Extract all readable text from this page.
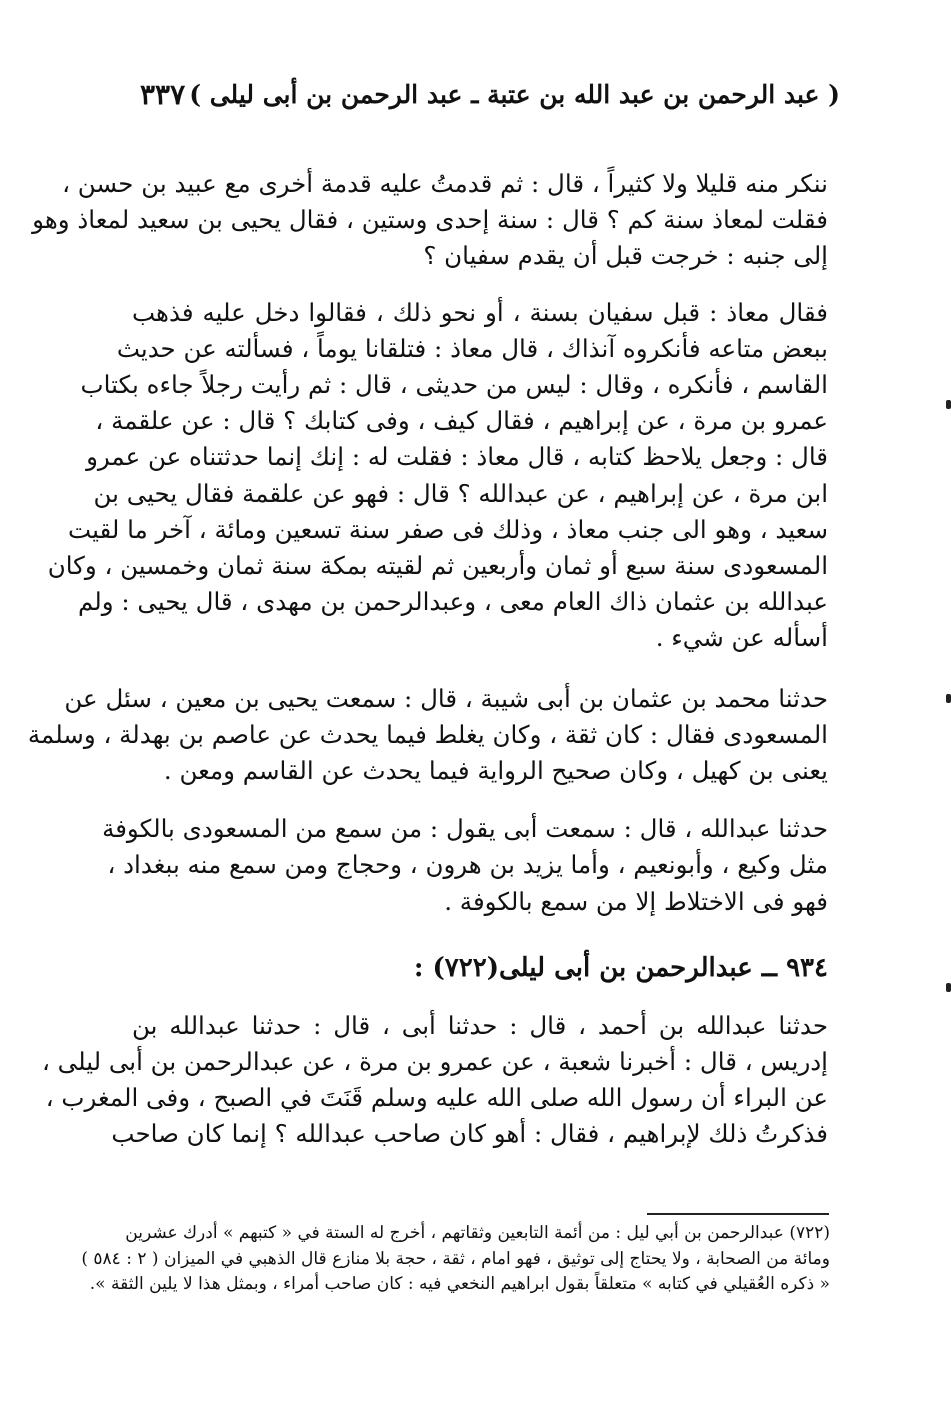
٣٣٧ ( عبد الرحمن بن عبد الله بن عتبة ـ عبد الرحمن بن أبى ليلى )
ننكر منه قليلا ولا كثيراً ، قال : ثم قدمتُ عليه قدمة أخرى مع عبيد بن حسن ،
فقلت لمعاذ سنة كم ؟ قال : سنة إحدى وستين ، فقال يحيى بن سعيد لمعاذ وهو
إلى جنبه : خرجت قبل أن يقدم سفيان ؟
فقال معاذ : قبل سفيان بسنة ، أو نحو ذلك ، فقالوا دخل عليه فذهب
ببعض متاعه فأنكروه آنذاك ، قال معاذ : فتلقانا يوماً ، فسألته عن حديث
القاسم ، فأنكره ، وقال : ليس من حديثى ، قال : ثم رأيت رجلاً جاءه بكتاب
عمرو بن مرة ، عن إبراهيم ، فقال كيف ، وفى كتابك ؟ قال : عن علقمة ،
قال : وجعل يلاحظ كتابه ، قال معاذ : فقلت له : إنك إنما حدثتناه عن عمرو
ابن مرة ، عن إبراهيم ، عن عبدالله ؟ قال : فهو عن علقمة فقال يحيى بن
سعيد ، وهو الى جنب معاذ ، وذلك فى صفر سنة تسعين ومائة ، آخر ما لقيت
المسعودى سنة سبع أو ثمان وأربعين ثم لقيته بمكة سنة ثمان وخمسين ، وكان
عبدالله بن عثمان ذاك العام معى ، وعبدالرحمن بن مهدى ، قال يحيى : ولم
أسأله عن شيء .
حدثنا محمد بن عثمان بن أبى شيبة ، قال : سمعت يحيى بن معين ، سئل عن
المسعودى فقال : كان ثقة ، وكان يغلط فيما يحدث عن عاصم بن بهدلة ، وسلمة
يعنى بن كهيل ، وكان صحيح الرواية فيما يحدث عن القاسم ومعن .
حدثنا عبدالله ، قال : سمعت أبى يقول : من سمع من المسعودى بالكوفة
مثل وكيع ، وأبونعيم ، وأما يزيد بن هرون ، وحجاج ومن سمع منه ببغداد ،
فهو فى الاختلاط إلا من سمع بالكوفة .
٩٣٤ ــ عبدالرحمن بن أبى ليلى(٧٢٢) :
حدثنا عبدالله بن أحمد ، قال : حدثنا أبى ، قال : حدثنا عبدالله بن
إدريس ، قال : أخبرنا شعبة ، عن عمرو بن مرة ، عن عبدالرحمن بن أبى ليلى ،
عن البراء أن رسول الله صلى الله عليه وسلم قَنَتَ في الصبح ، وفى المغرب ،
فذكرتُ ذلك لإبراهيم ، فقال : أهو كان صاحب عبدالله ؟ إنما كان صاحب
(٧٢٢) عبدالرحمن بن أبي ليل : من أئمة التابعين وثقاتهم ، أخرج له الستة في « كتبهم » أدرك عشرين
ومائة من الصحابة ، ولا يحتاج إلى توثيق ، فهو امام ، ثقة ، حجة بلا منازع قال الذهبي في الميزان ( ٢ : ٥٨٤ )
« ذكره العُقيلي في كتابه » متعلقاً بقول ابراهيم النخعي فيه : كان صاحب أمراء ، وبمثل هذا لا يلين الثقة ».
